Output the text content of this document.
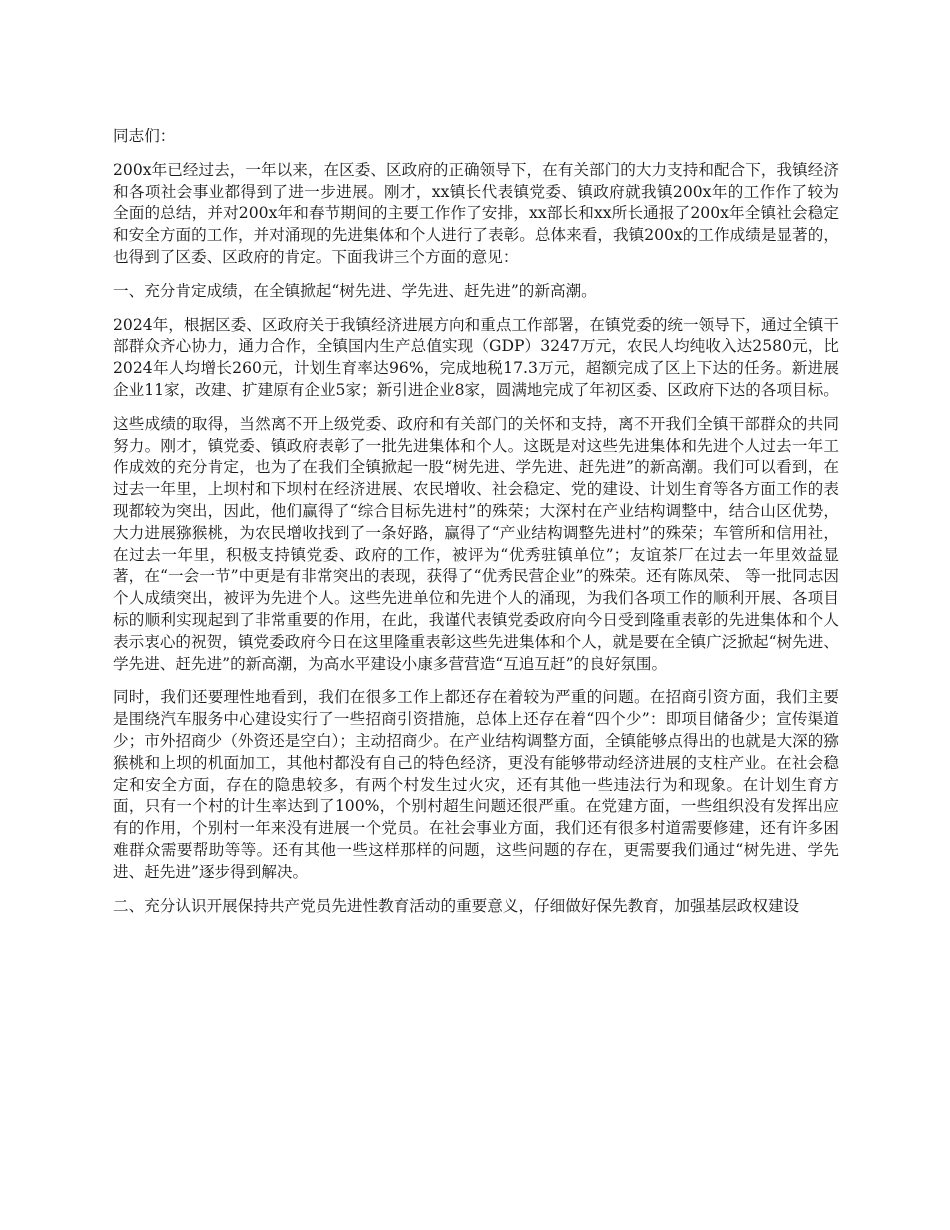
同志们：

200x年已经过去，一年以来，在区委、区政府的正确领导下，在有关部门的大力支持和配合下，我镇经济和各项社会事业都得到了进一步进展。刚才，xx镇长代表镇党委、镇政府就我镇200x年的工作作了较为全面的总结，并对200x年和春节期间的主要工作作了安排，xx部长和xx所长通报了200x年全镇社会稳定和安全方面的工作，并对涌现的先进集体和个人进行了表彰。总体来看，我镇200x的工作成绩是显著的，也得到了区委、区政府的肯定。下面我讲三个方面的意见：

一、充分肯定成绩，在全镇掀起“树先进、学先进、赶先进”的新高潮。

2024年，根据区委、区政府关于我镇经济进展方向和重点工作部署，在镇党委的统一领导下，通过全镇干部群众齐心协力，通力合作，全镇国内生产总值实现（GDP）3247万元，农民人均纯收入达2580元，比2024年人均增长260元，计划生育率达96%，完成地税17.3万元，超额完成了区上下达的任务。新进展企业11家，改建、扩建原有企业5家；新引进企业8家，圆满地完成了年初区委、区政府下达的各项目标。

这些成绩的取得，当然离不开上级党委、政府和有关部门的关怀和支持，离不开我们全镇干部群众的共同努力。刚才，镇党委、镇政府表彰了一批先进集体和个人。这既是对这些先进集体和先进个人过去一年工作成效的充分肯定，也为了在我们全镇掀起一股“树先进、学先进、赶先进”的新高潮。我们可以看到，在过去一年里，上坝村和下坝村在经济进展、农民增收、社会稳定、党的建设、计划生育等各方面工作的表现都较为突出，因此，他们赢得了“综合目标先进村”的殊荣；大深村在产业结构调整中，结合山区优势，大力进展猕猴桃，为农民增收找到了一条好路，赢得了“产业结构调整先进村”的殊荣；车管所和信用社，在过去一年里，积极支持镇党委、政府的工作，被评为“优秀驻镇单位”；友谊茶厂在过去一年里效益显著，在“一会一节”中更是有非常突出的表现，获得了“优秀民营企业”的殊荣。还有陈凤荣、 等一批同志因个人成绩突出，被评为先进个人。这些先进单位和先进个人的涌现，为我们各项工作的顺利开展、各项目标的顺利实现起到了非常重要的作用，在此，我谨代表镇党委政府向今日受到隆重表彰的先进集体和个人表示衷心的祝贺，镇党委政府今日在这里隆重表彰这些先进集体和个人，就是要在全镇广泛掀起“树先进、学先进、赶先进”的新高潮，为高水平建设小康多营营造“互追互赶”的良好氛围。

同时，我们还要理性地看到，我们在很多工作上都还存在着较为严重的问题。在招商引资方面，我们主要是围绕汽车服务中心建设实行了一些招商引资措施，总体上还存在着“四个少”：即项目储备少；宣传渠道少；市外招商少（外资还是空白）；主动招商少。在产业结构调整方面，全镇能够点得出的也就是大深的猕猴桃和上坝的机面加工，其他村都没有自己的特色经济，更没有能够带动经济进展的支柱产业。在社会稳定和安全方面，存在的隐患较多，有两个村发生过火灾，还有其他一些违法行为和现象。在计划生育方面，只有一个村的计生率达到了100%，个别村超生问题还很严重。在党建方面，一些组织没有发挥出应有的作用，个别村一年来没有进展一个党员。在社会事业方面，我们还有很多村道需要修建，还有许多困难群众需要帮助等等。还有其他一些这样那样的问题，这些问题的存在，更需要我们通过“树先进、学先进、赶先进”逐步得到解决。

二、充分认识开展保持共产党员先进性教育活动的重要意义，仔细做好保先教育，加强基层政权建设
